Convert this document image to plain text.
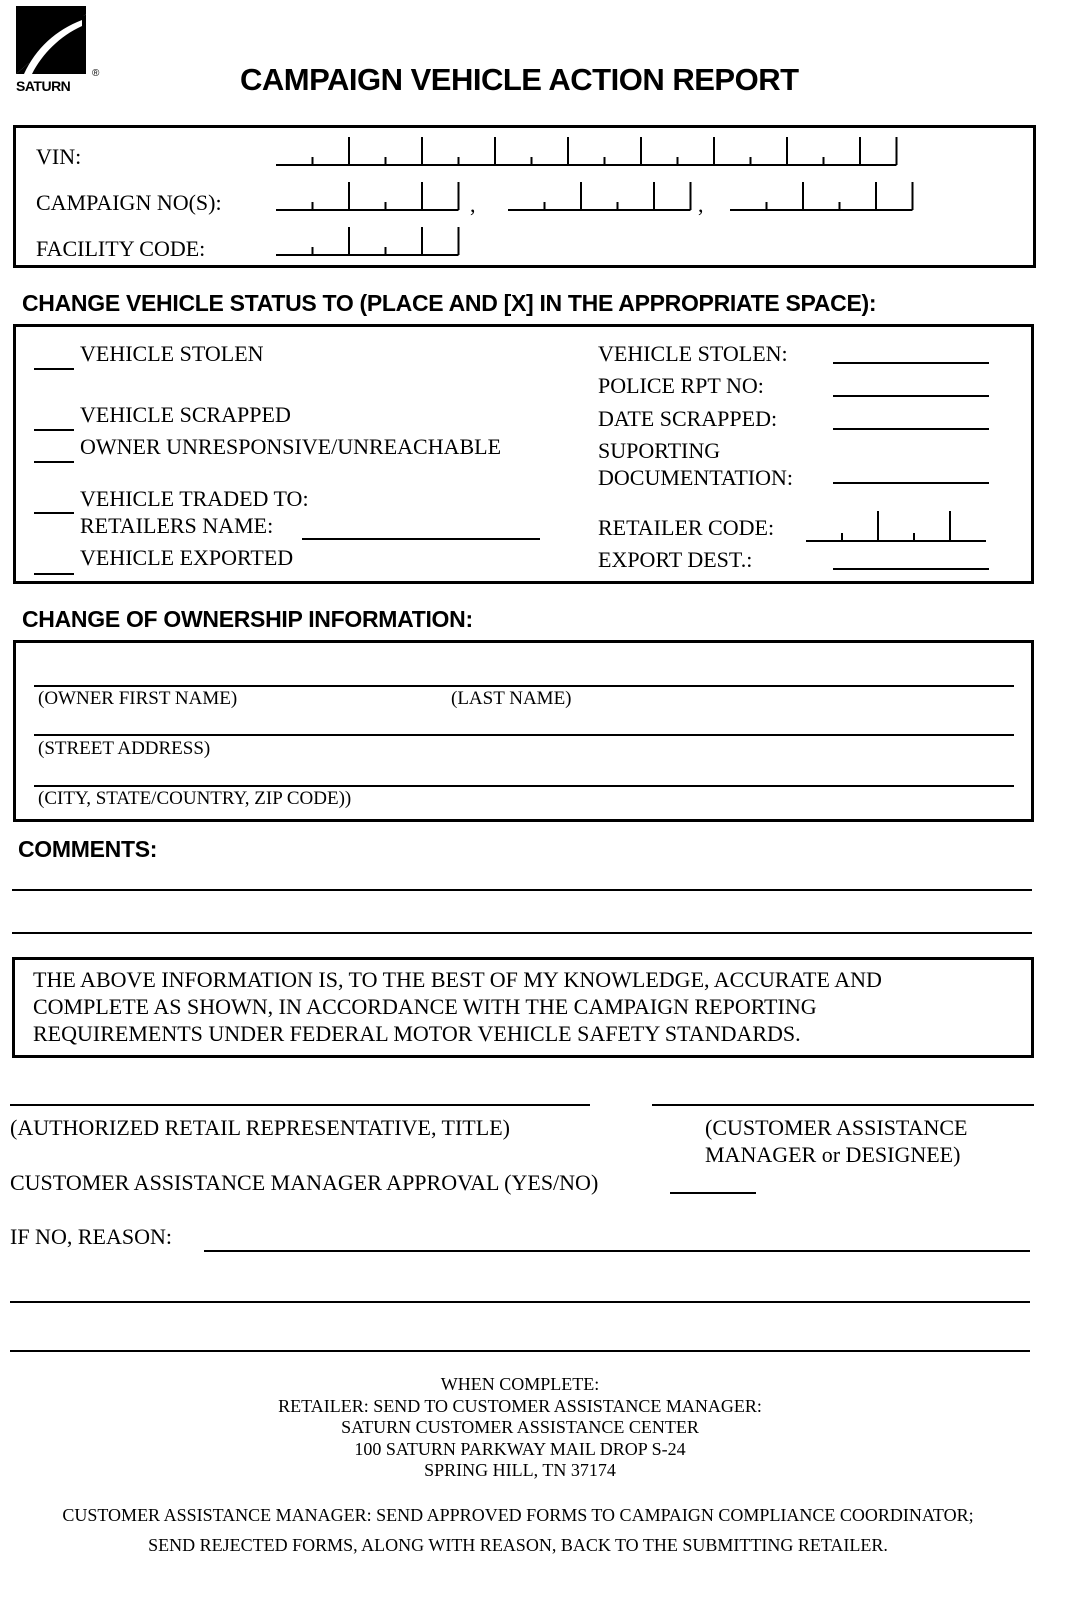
SATURN
®	CAMPAIGN VEHICLE ACTION REPORT
VIN:
CAMPAIGN NO(S):
FACILITY CODE:
,	,
CHANGE VEHICLE STATUS TO (PLACE AND [X] IN THE APPROPRIATE SPACE):
VEHICLE STOLEN
VEHICLE SCRAPPED
OWNER UNRESPONSIVE/UNREACHABLE
VEHICLE TRADED TO:
RETAILERS NAME:
VEHICLE EXPORTED
VEHICLE STOLEN:
POLICE RPT NO:
DATE SCRAPPED:
SUPORTING
DOCUMENTATION:
RETAILER CODE:
EXPORT DEST.:
CHANGE OF OWNERSHIP INFORMATION:
(OWNER FIRST NAME)	(LAST NAME)
(STREET ADDRESS)
(CITY, STATE/COUNTRY, ZIP CODE))
COMMENTS:
THE ABOVE INFORMATION IS, TO THE BEST OF MY KNOWLEDGE, ACCURATE AND
COMPLETE AS SHOWN, IN ACCORDANCE WITH THE CAMPAIGN REPORTING
REQUIREMENTS UNDER FEDERAL MOTOR VEHICLE SAFETY STANDARDS.
(AUTHORIZED RETAIL REPRESENTATIVE, TITLE)	(CUSTOMER ASSISTANCE
MANAGER or DESIGNEE)
CUSTOMER ASSISTANCE MANAGER APPROVAL (YES/NO)
IF NO, REASON:
WHEN COMPLETE:
RETAILER: SEND TO CUSTOMER ASSISTANCE MANAGER:
SATURN CUSTOMER ASSISTANCE CENTER
100 SATURN PARKWAY MAIL DROP S-24
SPRING HILL, TN 37174
CUSTOMER ASSISTANCE MANAGER: SEND APPROVED FORMS TO CAMPAIGN COMPLIANCE COORDINATOR;
SEND REJECTED FORMS, ALONG WITH REASON, BACK TO THE SUBMITTING RETAILER.
